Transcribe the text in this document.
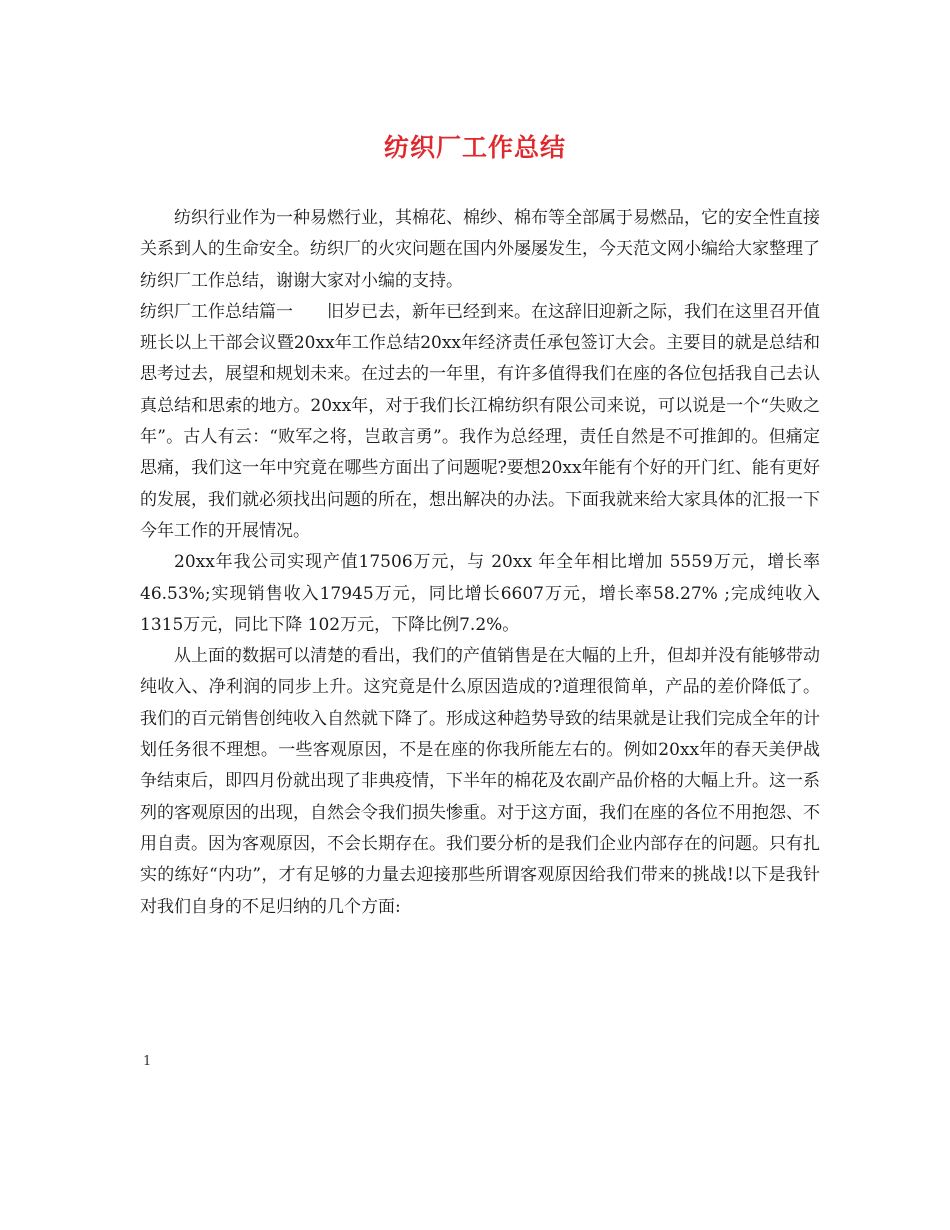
纺织厂工作总结

纺织行业作为一种易燃行业，其棉花、棉纱、棉布等全部属于易燃品，它的安全性直接关系到人的生命安全。纺织厂的火灾问题在国内外屡屡发生，今天范文网小编给大家整理了纺织厂工作总结，谢谢大家对小编的支持。

纺织厂工作总结篇一　　旧岁已去，新年已经到来。在这辞旧迎新之际，我们在这里召开值班长以上干部会议暨20xx年工作总结20xx年经济责任承包签订大会。主要目的就是总结和思考过去，展望和规划未来。在过去的一年里，有许多值得我们在座的各位包括我自己去认真总结和思索的地方。20xx年，对于我们长江棉纺织有限公司来说，可以说是一个“失败之年”。古人有云：“败军之将，岂敢言勇”。我作为总经理，责任自然是不可推卸的。但痛定思痛，我们这一年中究竟在哪些方面出了问题呢?要想20xx年能有个好的开门红、能有更好的发展，我们就必须找出问题的所在，想出解决的办法。下面我就来给大家具体的汇报一下今年工作的开展情况。

20xx年我公司实现产值17506万元，与 20xx 年全年相比增加 5559万元，增长率46.53%;实现销售收入17945万元，同比增长6607万元，增长率58.27% ;完成纯收入 1315万元，同比下降 102万元，下降比例7.2%。

从上面的数据可以清楚的看出，我们的产值销售是在大幅的上升，但却并没有能够带动纯收入、净利润的同步上升。这究竟是什么原因造成的?道理很简单，产品的差价降低了。我们的百元销售创纯收入自然就下降了。形成这种趋势导致的结果就是让我们完成全年的计划任务很不理想。一些客观原因，不是在座的你我所能左右的。例如20xx年的春天美伊战争结束后，即四月份就出现了非典疫情，下半年的棉花及农副产品价格的大幅上升。这一系列的客观原因的出现，自然会令我们损失惨重。对于这方面，我们在座的各位不用抱怨、不用自责。因为客观原因，不会长期存在。我们要分析的是我们企业内部存在的问题。只有扎实的练好“内功”，才有足够的力量去迎接那些所谓客观原因给我们带来的挑战!以下是我针对我们自身的不足归纳的几个方面:

1
